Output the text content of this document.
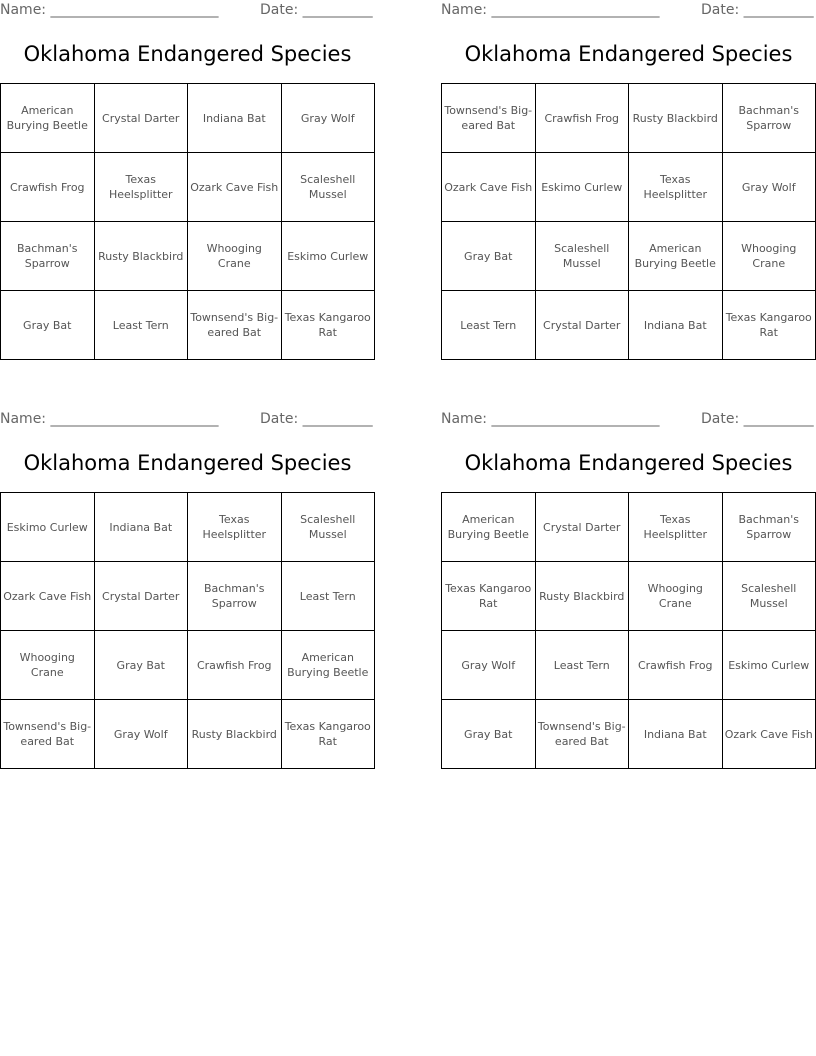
Name: ________________________	Date: __________
Oklahoma Endangered Species
American Burying Beetle	Crystal Darter	Indiana Bat	Gray Wolf
Crawfish Frog	Texas Heelsplitter	Ozark Cave Fish	Scaleshell Mussel
Bachman's Sparrow	Rusty Blackbird	Whooging Crane	Eskimo Curlew
Gray Bat	Least Tern	Townsend's Big-eared Bat	Texas Kangaroo Rat
Name: ________________________	Date: __________
Oklahoma Endangered Species
Townsend's Big-eared Bat	Crawfish Frog	Rusty Blackbird	Bachman's Sparrow
Ozark Cave Fish	Eskimo Curlew	Texas Heelsplitter	Gray Wolf
Gray Bat	Scaleshell Mussel	American Burying Beetle	Whooging Crane
Least Tern	Crystal Darter	Indiana Bat	Texas Kangaroo Rat
Name: ________________________	Date: __________
Oklahoma Endangered Species
Eskimo Curlew	Indiana Bat	Texas Heelsplitter	Scaleshell Mussel
Ozark Cave Fish	Crystal Darter	Bachman's Sparrow	Least Tern
Whooging Crane	Gray Bat	Crawfish Frog	American Burying Beetle
Townsend's Big-eared Bat	Gray Wolf	Rusty Blackbird	Texas Kangaroo Rat
Name: ________________________	Date: __________
Oklahoma Endangered Species
American Burying Beetle	Crystal Darter	Texas Heelsplitter	Bachman's Sparrow
Texas Kangaroo Rat	Rusty Blackbird	Whooging Crane	Scaleshell Mussel
Gray Wolf	Least Tern	Crawfish Frog	Eskimo Curlew
Gray Bat	Townsend's Big-eared Bat	Indiana Bat	Ozark Cave Fish
